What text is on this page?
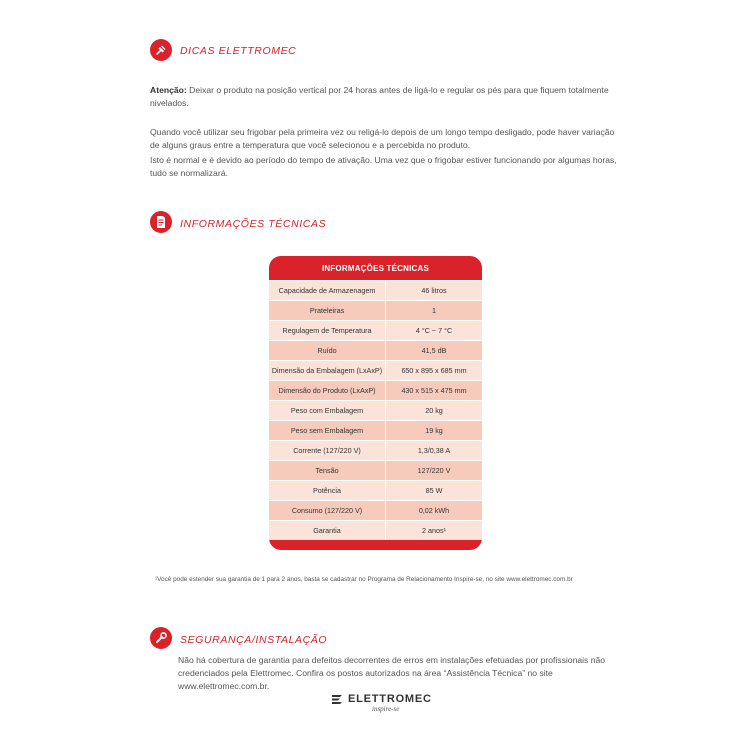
DICAS ELETTROMEC
Atenção: Deixar o produto na posição vertical por 24 horas antes de ligá-lo e regular os pés para que fiquem totalmente nivelados.
Quando você utilizar seu frigobar pela primeira vez ou religá-lo depois de um longo tempo desligado, pode haver variação de alguns graus entre a temperatura que você selecionou e a percebida no produto.
Isto é normal e é devido ao período do tempo de ativação. Uma vez que o frigobar estiver funcionando por algumas horas, tudo se normalizará.
INFORMAÇÕES TÉCNICAS
INFORMAÇÕES TÉCNICAS
Capacidade de Armazenagem	46 litros
Prateleiras	1
Regulagem de Temperatura	4 °C ~ 7 °C
Ruído	41,5 dB
Dimensão da Embalagem (LxAxP)	650 x 895 x 685 mm
Dimensão do Produto (LxAxP)	430 x 515 x 475 mm
Peso com Embalagem	20 kg
Peso sem Embalagem	19 kg
Corrente (127/220 V)	1,3/0,38 A
Tensão	127/220 V
Potência	85 W
Consumo (127/220 V)	0,02 kWh
Garantia	2 anos¹
¹Você pode estender sua garantia de 1 para 2 anos, basta se cadastrar no Programa de Relacionamento Inspire-se, no site www.elettromec.com.br
SEGURANÇA/INSTALAÇÃO
Não há cobertura de garantia para defeitos decorrentes de erros em instalações efetuadas por profissionais não credenciados pela Elettromec. Confira os postos autorizados na área “Assistência Técnica” no site www.elettromec.com.br.
ELETTROMEC
inspire-se
